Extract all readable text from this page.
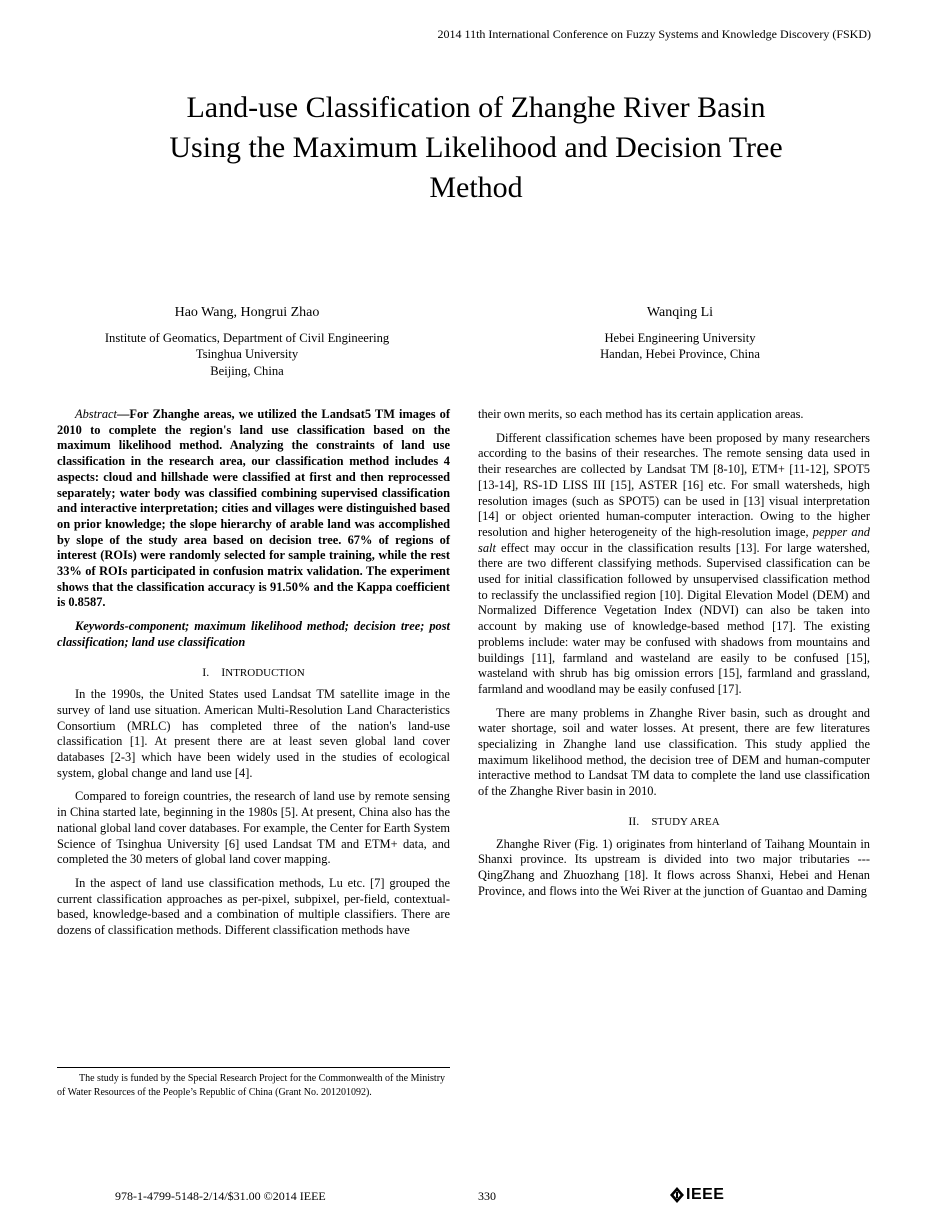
2014 11th International Conference on Fuzzy Systems and Knowledge Discovery (FSKD)
Land-use Classification of Zhanghe River Basin
Using the Maximum Likelihood and Decision Tree
Method
Hao Wang, Hongrui Zhao
Institute of Geomatics, Department of Civil Engineering
Tsinghua University
Beijing, China
Wanqing Li
Hebei Engineering University
Handan, Hebei Province, China

Abstract—For Zhanghe areas, we utilized the Landsat5 TM images of 2010 to complete the region's land use classification based on the maximum likelihood method. Analyzing the constraints of land use classification in the research area, our classification method includes 4 aspects: cloud and hillshade were classified at first and then reprocessed separately; water body was classified combining supervised classification and interactive interpretation; cities and villages were distinguished based on prior knowledge; the slope hierarchy of arable land was accomplished by slope of the study area based on decision tree. 67% of regions of interest (ROIs) were randomly selected for sample training, while the rest 33% of ROIs participated in confusion matrix validation. The experiment shows that the classification accuracy is 91.50% and the Kappa coefficient is 0.8587.

Keywords-component; maximum likelihood method; decision tree; post classification; land use classification

I. INTRODUCTION

In the 1990s, the United States used Landsat TM satellite image in the survey of land use situation. American Multi-Resolution Land Characteristics Consortium (MRLC) has completed three of the nation's land-use classification [1]. At present there are at least seven global land cover databases [2-3] which have been widely used in the studies of ecological system, global change and land use [4].

Compared to foreign countries, the research of land use by remote sensing in China started late, beginning in the 1980s [5]. At present, China also has the national global land cover databases. For example, the Center for Earth System Science of Tsinghua University [6] used Landsat TM and ETM+ data, and completed the 30 meters of global land cover mapping.

In the aspect of land use classification methods, Lu etc. [7] grouped the current classification approaches as per-pixel, subpixel, per-field, contextual-based, knowledge-based and a combination of multiple classifiers. There are dozens of classification methods. Different classification methods have

their own merits, so each method has its certain application areas.

Different classification schemes have been proposed by many researchers according to the basins of their researches. The remote sensing data used in their researches are collected by Landsat TM [8-10], ETM+ [11-12], SPOT5 [13-14], RS-1D LISS III [15], ASTER [16] etc. For small watersheds, high resolution images (such as SPOT5) can be used in [13] visual interpretation [14] or object oriented human-computer interaction. Owing to the higher resolution and higher heterogeneity of the high-resolution image, pepper and salt effect may occur in the classification results [13]. For large watershed, there are two different classifying methods. Supervised classification can be used for initial classification followed by unsupervised classification method to reclassify the unclassified region [10]. Digital Elevation Model (DEM) and Normalized Difference Vegetation Index (NDVI) can also be taken into account by making use of knowledge-based method [17]. The existing problems include: water may be confused with shadows from mountains and buildings [11], farmland and wasteland are easily to be confused [15], wasteland with shrub has big omission errors [15], farmland and grassland, farmland and woodland may be easily confused [17].

There are many problems in Zhanghe River basin, such as drought and water shortage, soil and water losses. At present, there are few literatures specializing in Zhanghe land use classification. This study applied the maximum likelihood method, the decision tree of DEM and human-computer interactive method to Landsat TM data to complete the land use classification of the Zhanghe River basin in 2010.

II. STUDY AREA

Zhanghe River (Fig. 1) originates from hinterland of Taihang Mountain in Shanxi province. Its upstream is divided into two major tributaries ---QingZhang and Zhuozhang [18]. It flows across Shanxi, Hebei and Henan Province, and flows into the Wei River at the junction of Guantao and Daming

The study is funded by the Special Research Project for the Commonwealth of the Ministry of Water Resources of the People’s Republic of China (Grant No. 201201092).
978-1-4799-5148-2/14/$31.00 ©2014 IEEE	330	IEEE
